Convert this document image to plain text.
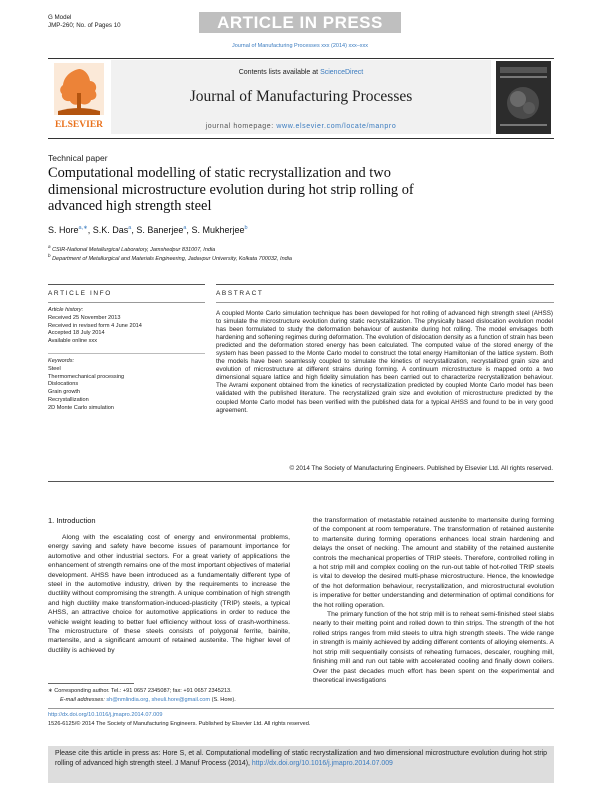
G Model
JMP-260; No. of Pages 10	ARTICLE IN PRESS
Journal of Manufacturing Processes xxx (2014) xxx–xxx
ELSEVIER
Contents lists available at ScienceDirect
Journal of Manufacturing Processes
journal homepage: www.elsevier.com/locate/manpro
Technical paper
Computational modelling of static recrystallization and two
dimensional microstructure evolution during hot strip rolling of
advanced high strength steel
S. Hore$^{a,∗}$, S.K. Das$^a$, S. Banerjee$^a$, S. Mukherjee$^b$
$^a$ CSIR-National Metallurgical Laboratory, Jamshedpur 831007, India
$^b$ Department of Metallurgical and Materials Engineering, Jadavpur University, Kolkata 700032, India
ARTICLE INFO	ABSTRACT
Article history:
Received 25 November 2013
Received in revised form 4 June 2014
Accepted 18 July 2014
Available online xxx
Keywords:
Steel
Thermomechanical processing
Dislocations
Grain growth
Recrystallization
2D Monte Carlo simulation
A coupled Monte Carlo simulation technique has been developed for hot rolling of advanced high strength steel (AHSS) to simulate the microstructure evolution during static recrystallization. The physically based dislocation evolution model has been formulated to study the deformation behaviour of austenite during hot rolling. The model envisages both hardening and softening regimes during deformation. The evolution of dislocation density as a function of strain has been predicted and the deformation stored energy has been calculated. The computed value of the stored energy of the system has been passed to the Monte Carlo model to construct the total energy Hamiltonian of the lattice system. Both the models have been seamlessly coupled to simulate the kinetics of recrystallization, recrystallized grain size and evolution of microstructure at different strains during forming. A continuum microstructure is mapped onto a two dimensional square lattice and high fidelity simulation has been carried out to characterize recrystallization behaviour. The Avrami exponent obtained from the kinetics of recrystallization predicted by coupled Monte Carlo model has been validated with the published literature. The recrystallized grain size and evolution of microstructure predicted by the coupled Monte Carlo model has been verified with the published data for a typical AHSS and found to be in very good agreement.
© 2014 The Society of Manufacturing Engineers. Published by Elsevier Ltd. All rights reserved.
1. Introduction

Along with the escalating cost of energy and environmental problems, energy saving and safety have become issues of paramount importance for automotive and other industrial sectors. For a great variety of applications the enhancement of strength remains one of the most important objectives of material development. AHSS have been introduced as a fundamentally different type of steel in the automotive industry, driven by the requirements to increase the ductility without compromising the strength. A unique combination of high strength and high ductility make transformation-induced-plasticity (TRIP) steels, a typical AHSS, an attractive choice for automotive applications in order to reduce the vehicle weight leading to better fuel efficiency without loss of crash-worthiness. The microstructure of these steels consists of polygonal ferrite, bainite, martensite, and a significant amount of retained austenite. The higher level of ductility is achieved by

the transformation of metastable retained austenite to martensite during forming of the component at room temperature. The transformation of retained austenite to martensite during forming operations enhances local strain hardening and delays the onset of necking. The amount and stability of the retained austenite controls the mechanical properties of TRIP steels. Therefore, controlled rolling in a hot strip mill and complex cooling on the run-out table of hot-rolled TRIP steels is vital to develop the desired multi-phase microstructure. Hence, the knowledge of the hot deformation behaviour, recrystallization, and microstructural evolution is imperative for better understanding and determination of optimal conditions for the hot rolling operation.

The primary function of the hot strip mill is to reheat semi-finished steel slabs nearly to their melting point and rolled down to thin strips. The strength of the hot rolled strips ranges from mild steels to ultra high strength steels. The wide range in strength is mainly achieved by adding different contents of alloying elements. A hot strip mill sequentially consists of reheating furnaces, descaler, roughing mill, finishing mill and run out table with accelerated cooling and finally down coilers. Over the past decades much effort has been spent on the experimental and theoretical investigations

∗ Corresponding author. Tel.: +91 0657 2345087; fax: +91 0657 2345213.
E-mail addresses: sh@nmlindia.org, sheuli.hore@gmail.com (S. Hore).
http://dx.doi.org/10.1016/j.jmapro.2014.07.009
1526-6125/© 2014 The Society of Manufacturing Engineers. Published by Elsevier Ltd. All rights reserved.
Please cite this article in press as: Hore S, et al. Computational modelling of static recrystallization and two dimensional microstructure evolution during hot strip rolling of advanced high strength steel. J Manuf Process (2014), http://dx.doi.org/10.1016/j.jmapro.2014.07.009
